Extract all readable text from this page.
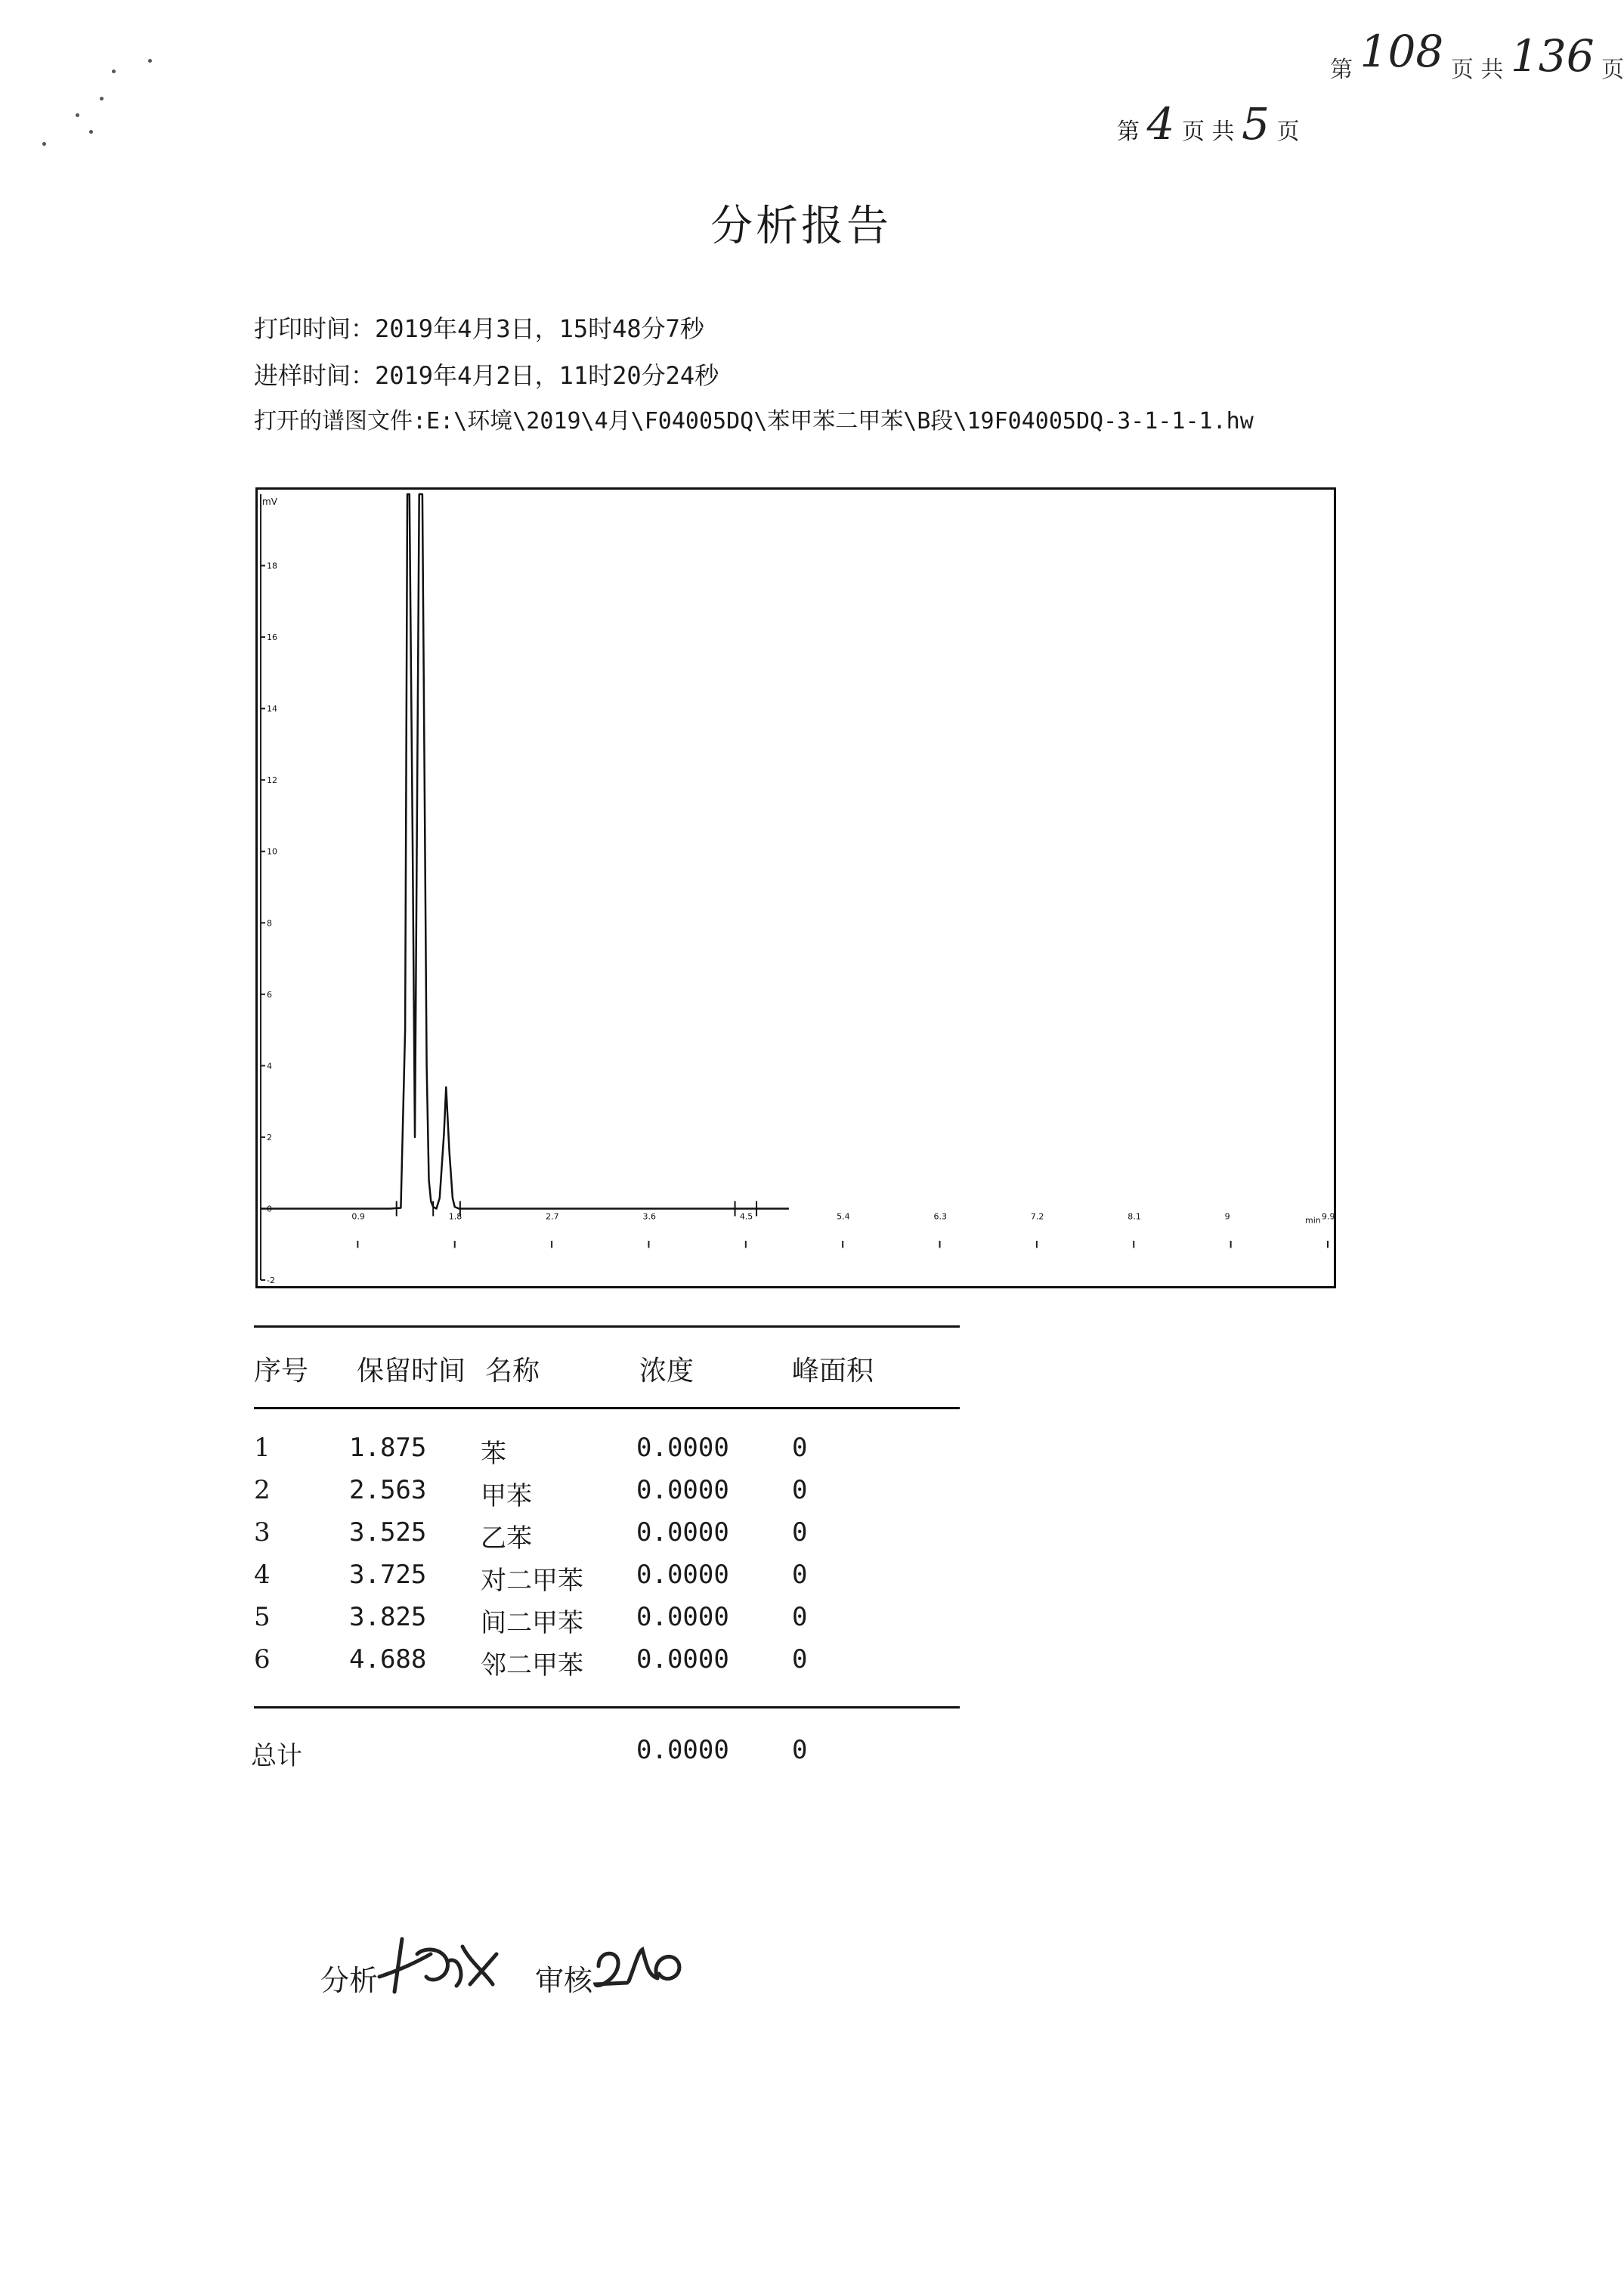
第 108 页 共 136 页
第 4 页 共 5 页
分析报告
打印时间：2019年4月3日，15时48分7秒
进样时间：2019年4月2日，11时20分24秒
打开的谱图文件:E:\环境\2019\4月\F04005DQ\苯甲苯二甲苯\B段\19F04005DQ-3-1-1-1.hw
mV
min
18
16
14
12
10
8
6
4
2
0
-2
0.9	1.8	2.7	3.6	4.5	5.4	6.3	7.2	8.1	9	9.9
序号 保留时间 名称	浓度	峰面积
1	1.875 苯	0.0000 0
2	2.563 甲苯	0.0000 0
3	3.525 乙苯	0.0000 0
4	3.725 对二甲苯 0.0000 0
5	3.825 间二甲苯 0.0000 0
6	4.688 邻二甲苯 0.0000 0
总计	0.0000 0
分析	审核
